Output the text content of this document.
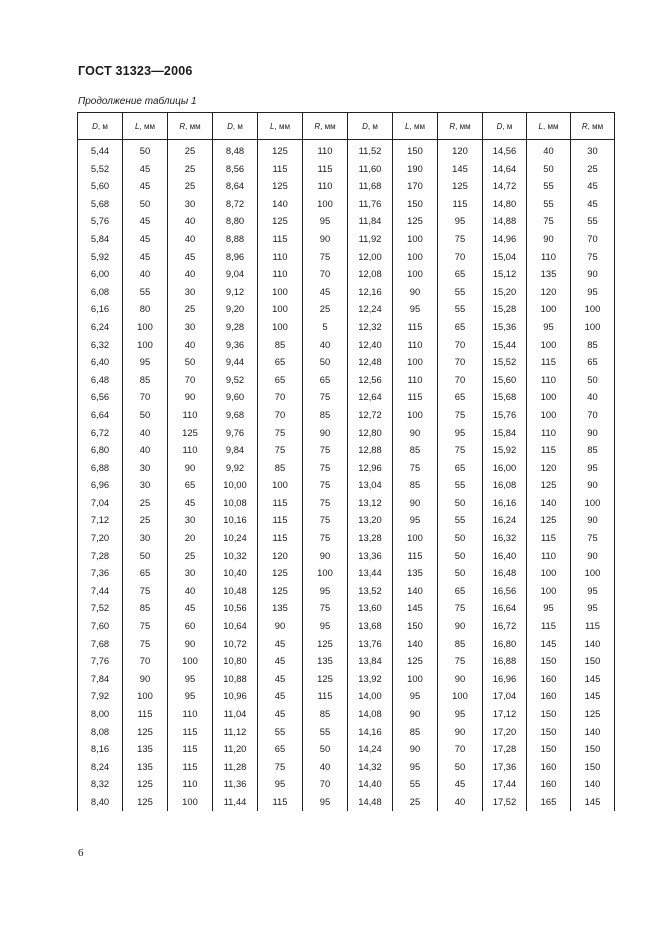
ГОСТ 31323—2006
Продолжение таблицы 1
D, м	L, мм	R, мм	D, м	L, мм	R, мм	D, м	L, мм	R, мм	D, м	L, мм	R, мм
5,44	50	25	8,48	125	110	11,52	150	120	14,56	40	30
5,52	45	25	8,56	115	115	11,60	190	145	14,64	50	25
5,60	45	25	8,64	125	110	11,68	170	125	14,72	55	45
5,68	50	30	8,72	140	100	11,76	150	115	14,80	55	45
5,76	45	40	8,80	125	95	11,84	125	95	14,88	75	55
5,84	45	40	8,88	115	90	11,92	100	75	14,96	90	70
5,92	45	45	8,96	110	75	12,00	100	70	15,04	110	75
6,00	40	40	9,04	110	70	12,08	100	65	15,12	135	90
6,08	55	30	9,12	100	45	12,16	90	55	15,20	120	95
6,16	80	25	9,20	100	25	12,24	95	55	15,28	100	100
6,24	100	30	9,28	100	5	12,32	115	65	15,36	95	100
6,32	100	40	9,36	85	40	12,40	110	70	15,44	100	85
6,40	95	50	9,44	65	50	12,48	100	70	15,52	115	65
6,48	85	70	9,52	65	65	12,56	110	70	15,60	110	50
6,56	70	90	9,60	70	75	12,64	115	65	15,68	100	40
6,64	50	110	9,68	70	85	12,72	100	75	15,76	100	70
6,72	40	125	9,76	75	90	12,80	90	95	15,84	110	90
6,80	40	110	9,84	75	75	12,88	85	75	15,92	115	85
6,88	30	90	9,92	85	75	12,96	75	65	16,00	120	95
6,96	30	65	10,00	100	75	13,04	85	55	16,08	125	90
7,04	25	45	10,08	115	75	13,12	90	50	16,16	140	100
7,12	25	30	10,16	115	75	13,20	95	55	16,24	125	90
7,20	30	20	10,24	115	75	13,28	100	50	16,32	115	75
7,28	50	25	10,32	120	90	13,36	115	50	16,40	110	90
7,36	65	30	10,40	125	100	13,44	135	50	16,48	100	100
7,44	75	40	10,48	125	95	13,52	140	65	16,56	100	95
7,52	85	45	10,56	135	75	13,60	145	75	16,64	95	95
7,60	75	60	10,64	90	95	13,68	150	90	16,72	115	115
7,68	75	90	10,72	45	125	13,76	140	85	16,80	145	140
7,76	70	100	10,80	45	135	13,84	125	75	16,88	150	150
7,84	90	95	10,88	45	125	13,92	100	90	16,96	160	145
7,92	100	95	10,96	45	115	14,00	95	100	17,04	160	145
8,00	115	110	11,04	45	85	14,08	90	95	17,12	150	125
8,08	125	115	11,12	55	55	14,16	85	90	17,20	150	140
8,16	135	115	11,20	65	50	14,24	90	70	17,28	150	150
8,24	135	115	11,28	75	40	14,32	95	50	17,36	160	150
8,32	125	110	11,36	95	70	14,40	55	45	17,44	160	140
8,40	125	100	11,44	115	95	14,48	25	40	17,52	165	145
6
